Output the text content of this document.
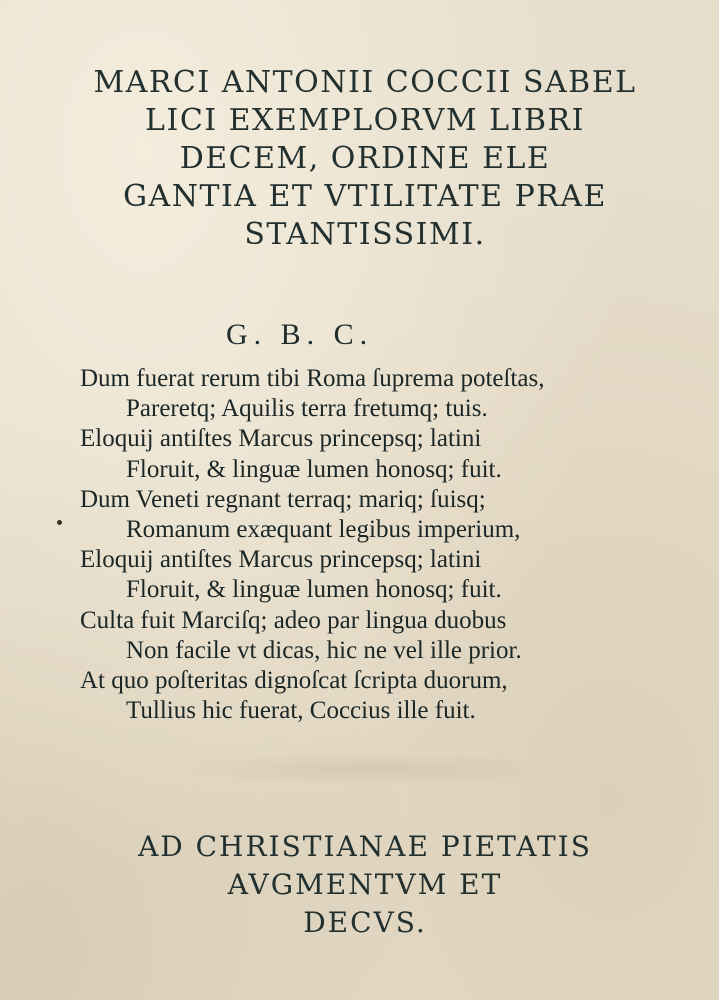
MARCI ANTONII COCCII SABEL
LICI EXEMPLORVM LIBRI
DECEM, ORDINE ELE
GANTIA ET VTILITATE PRAE
STANTISSIMI.
G. B. C.
Dum fuerat rerum tibi Roma ſuprema poteſtas,
Pareretq; Aquilis terra fretumq; tuis.
Eloquij antiſtes Marcus princepsq; latini
Floruit, & linguæ lumen honosq; fuit.
Dum Veneti regnant terraq; mariq; ſuisq;
Romanum exæquant legibus imperium,
Eloquij antiſtes Marcus princepsq; latini
Floruit, & linguæ lumen honosq; fuit.
Culta fuit Marciſq; adeo par lingua duobus
Non facile vt dicas, hic ne vel ille prior.
At quo poſteritas dignoſcat ſcripta duorum,
Tullius hic fuerat, Coccius ille fuit.
AD CHRISTIANAE PIETATIS
AVGMENTVM ET
DECVS.
